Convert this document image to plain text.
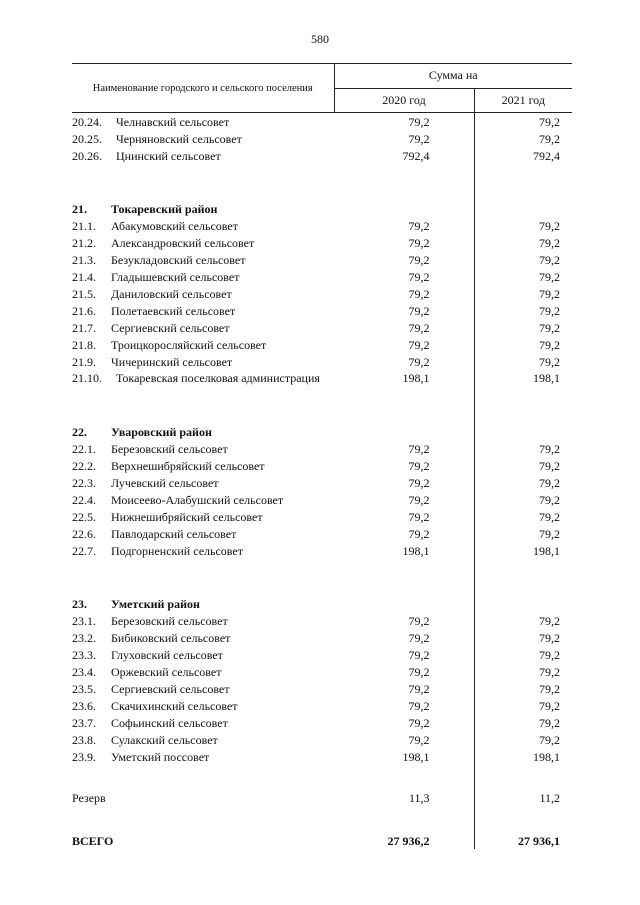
580
Наименование городского и сельского поселения	Сумма на	
	2020 год	2021 год
20.24. Челнавский сельсовет	79,2	79,2
20.25. Черняновский сельсовет	79,2	79,2
20.26. Цнинский сельсовет	792,4	792,4

21. Токаревский район		
21.1. Абакумовский сельсовет	79,2	79,2
21.2. Александровский сельсовет	79,2	79,2
21.3. Безукладовский сельсовет	79,2	79,2
21.4. Гладышевский сельсовет	79,2	79,2
21.5. Даниловский сельсовет	79,2	79,2
21.6. Полетаевский сельсовет	79,2	79,2
21.7. Сергиевский сельсовет	79,2	79,2
21.8. Троицкоросляйский сельсовет	79,2	79,2
21.9. Чичеринский сельсовет	79,2	79,2
21.10. Токаревская поселковая администрация	198,1	198,1

22. Уваровский район		
22.1. Березовский сельсовет	79,2	79,2
22.2. Верхнешибряйский сельсовет	79,2	79,2
22.3. Лучевский сельсовет	79,2	79,2
22.4. Моисеево-Алабушский сельсовет	79,2	79,2
22.5. Нижнешибряйский сельсовет	79,2	79,2
22.6. Павлодарский сельсовет	79,2	79,2
22.7. Подгорненский сельсовет	198,1	198,1

23. Уметский район		
23.1. Березовский сельсовет	79,2	79,2
23.2. Бибиковский сельсовет	79,2	79,2
23.3. Глуховский сельсовет	79,2	79,2
23.4. Оржевский сельсовет	79,2	79,2
23.5. Сергиевский сельсовет	79,2	79,2
23.6. Скачихинский сельсовет	79,2	79,2
23.7. Софьинский сельсовет	79,2	79,2
23.8. Сулакский сельсовет	79,2	79,2
23.9. Уметский поссовет	198,1	198,1

Резерв	11,3	11,2

ВСЕГО	27 936,2	27 936,1
